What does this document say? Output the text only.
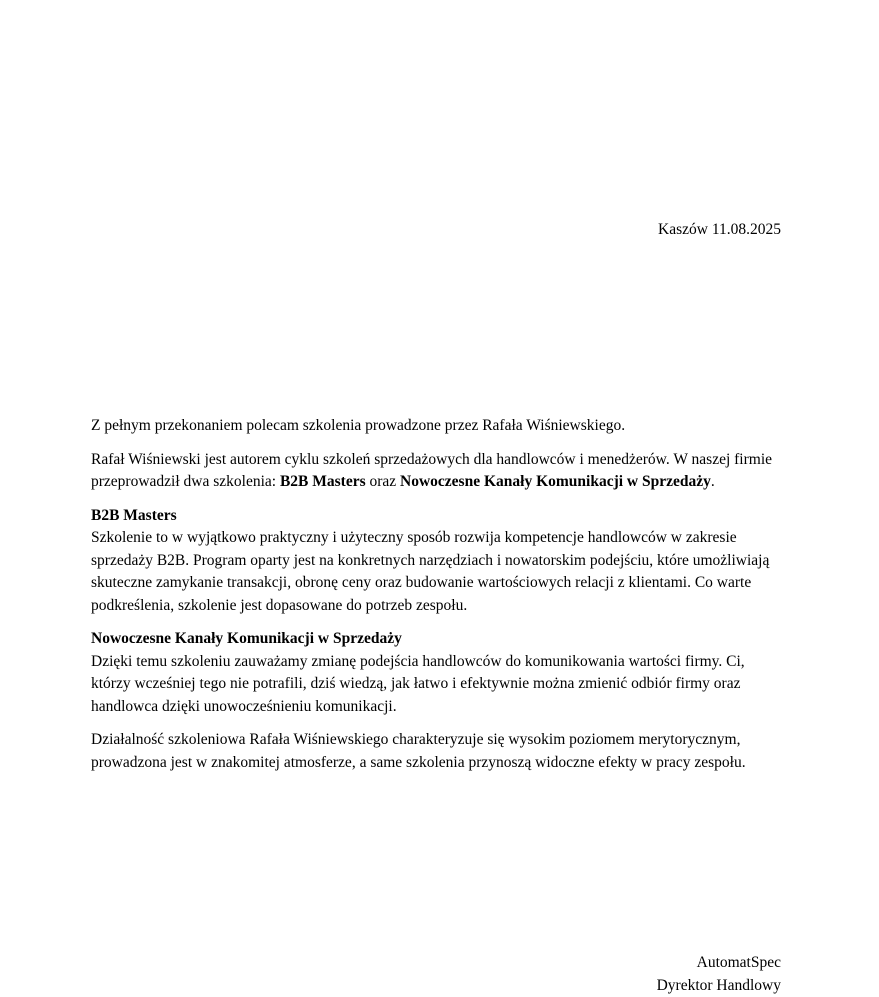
Kaszów 11.08.2025

Z pełnym przekonaniem polecam szkolenia prowadzone przez Rafała Wiśniewskiego.

Rafał Wiśniewski jest autorem cyklu szkoleń sprzedażowych dla handlowców i menedżerów. W naszej firmie przeprowadził dwa szkolenia: B2B Masters oraz Nowoczesne Kanały Komunikacji w Sprzedaży.

B2B Masters
Szkolenie to w wyjątkowo praktyczny i użyteczny sposób rozwija kompetencje handlowców w zakresie sprzedaży B2B. Program oparty jest na konkretnych narzędziach i nowatorskim podejściu, które umożliwiają skuteczne zamykanie transakcji, obronę ceny oraz budowanie wartościowych relacji z klientami. Co warte podkreślenia, szkolenie jest dopasowane do potrzeb zespołu.

Nowoczesne Kanały Komunikacji w Sprzedaży
Dzięki temu szkoleniu zauważamy zmianę podejścia handlowców do komunikowania wartości firmy. Ci, którzy wcześniej tego nie potrafili, dziś wiedzą, jak łatwo i efektywnie można zmienić odbiór firmy oraz handlowca dzięki unowocześnieniu komunikacji.

Działalność szkoleniowa Rafała Wiśniewskiego charakteryzuje się wysokim poziomem merytorycznym, prowadzona jest w znakomitej atmosferze, a same szkolenia przynoszą widoczne efekty w pracy zespołu.

AutomatSpec
Dyrektor Handlowy
